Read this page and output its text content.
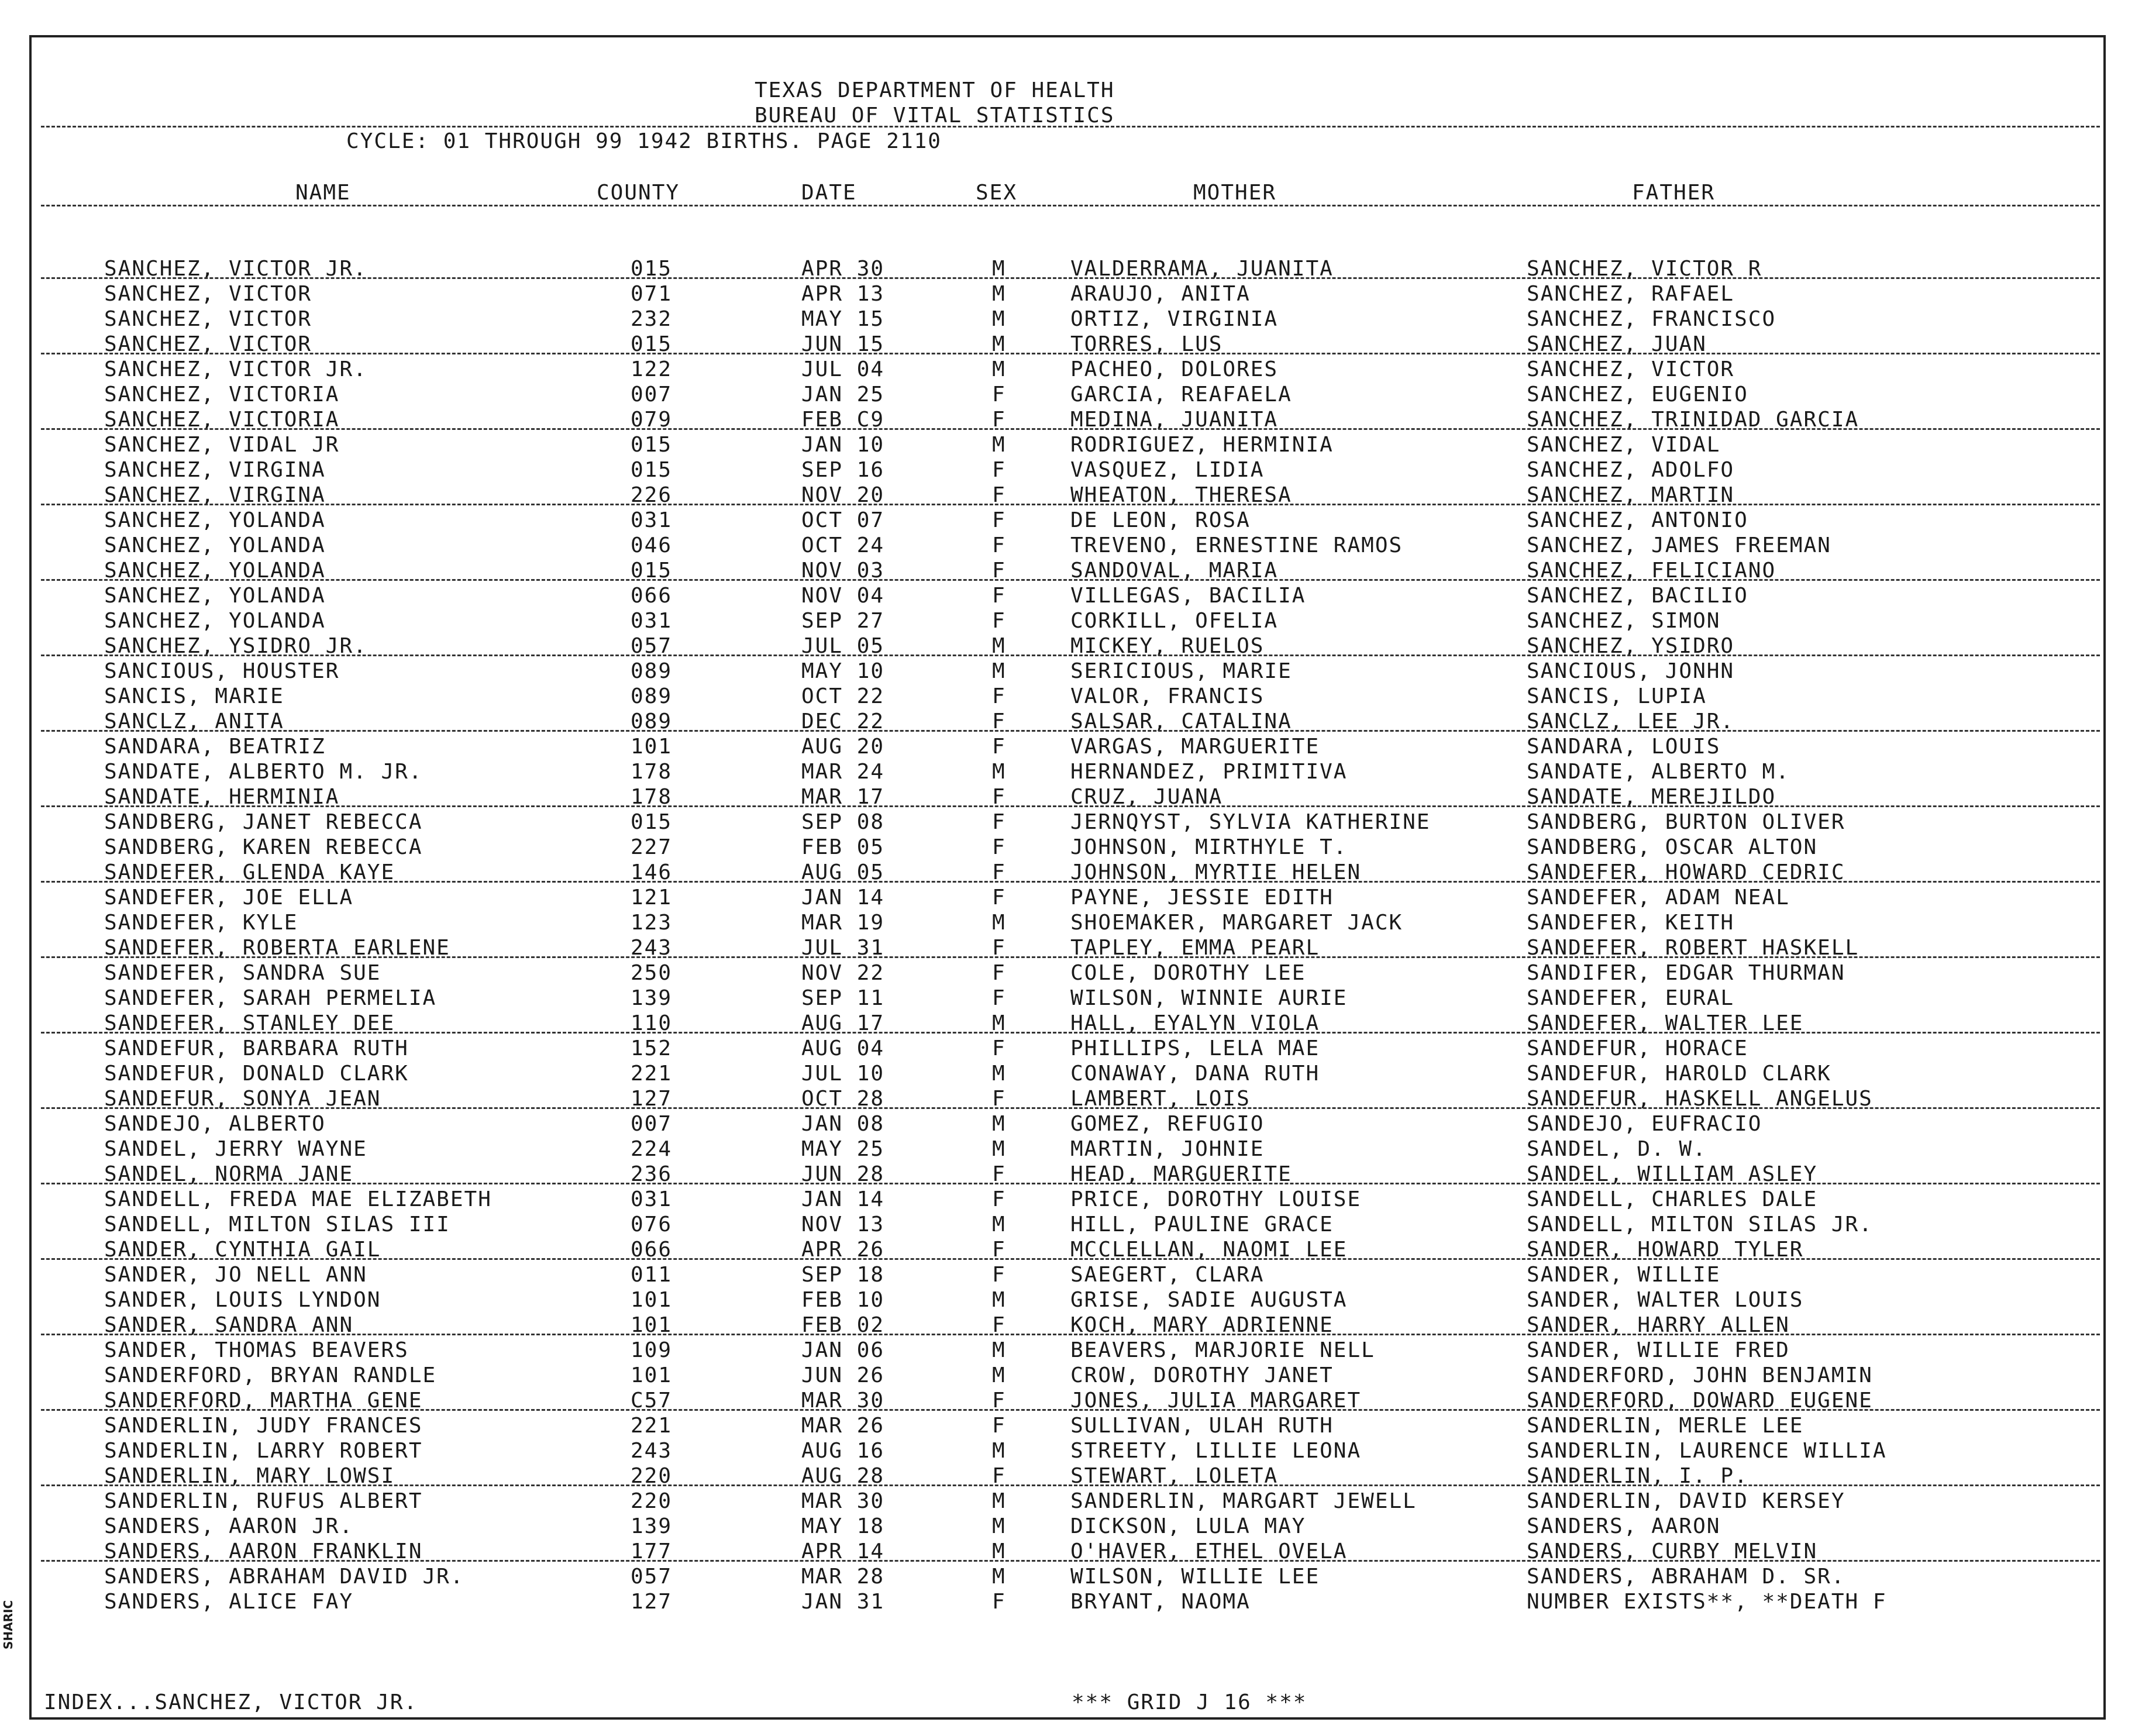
TEXAS DEPARTMENT OF HEALTH
BUREAU OF VITAL STATISTICS
CYCLE: 01 THROUGH 99 1942 BIRTHS. PAGE 2110
NAME	COUNTY	DATE	SEX	MOTHER	FATHER
SANCHEZ, VICTOR JR.	015	APR 30	M	VALDERRAMA, JUANITA	SANCHEZ, VICTOR R
SANCHEZ, VICTOR	071	APR 13	M	ARAUJO, ANITA	SANCHEZ, RAFAEL
SANCHEZ, VICTOR	232	MAY 15	M	ORTIZ, VIRGINIA	SANCHEZ, FRANCISCO
SANCHEZ, VICTOR	015	JUN 15	M	TORRES, LUS	SANCHEZ, JUAN
SANCHEZ, VICTOR JR.	122	JUL 04	M	PACHEO, DOLORES	SANCHEZ, VICTOR
SANCHEZ, VICTORIA	007	JAN 25	F	GARCIA, REAFAELA	SANCHEZ, EUGENIO
SANCHEZ, VICTORIA	079	FEB C9	F	MEDINA, JUANITA	SANCHEZ, TRINIDAD GARCIA
SANCHEZ, VIDAL JR	015	JAN 10	M	RODRIGUEZ, HERMINIA	SANCHEZ, VIDAL
SANCHEZ, VIRGINA	015	SEP 16	F	VASQUEZ, LIDIA	SANCHEZ, ADOLFO
SANCHEZ, VIRGINA	226	NOV 20	F	WHEATON, THERESA	SANCHEZ, MARTIN
SANCHEZ, YOLANDA	031	OCT 07	F	DE LEON, ROSA	SANCHEZ, ANTONIO
SANCHEZ, YOLANDA	046	OCT 24	F	TREVENO, ERNESTINE RAMOS	SANCHEZ, JAMES FREEMAN
SANCHEZ, YOLANDA	015	NOV 03	F	SANDOVAL, MARIA	SANCHEZ, FELICIANO
SANCHEZ, YOLANDA	066	NOV 04	F	VILLEGAS, BACILIA	SANCHEZ, BACILIO
SANCHEZ, YOLANDA	031	SEP 27	F	CORKILL, OFELIA	SANCHEZ, SIMON
SANCHEZ, YSIDRO JR.	057	JUL 05	M	MICKEY, RUELOS	SANCHEZ, YSIDRO
SANCIOUS, HOUSTER	089	MAY 10	M	SERICIOUS, MARIE	SANCIOUS, JONHN
SANCIS, MARIE	089	OCT 22	F	VALOR, FRANCIS	SANCIS, LUPIA
SANCLZ, ANITA	089	DEC 22	F	SALSAR, CATALINA	SANCLZ, LEE JR.
SANDARA, BEATRIZ	101	AUG 20	F	VARGAS, MARGUERITE	SANDARA, LOUIS
SANDATE, ALBERTO M. JR.	178	MAR 24	M	HERNANDEZ, PRIMITIVA	SANDATE, ALBERTO M.
SANDATE, HERMINIA	178	MAR 17	F	CRUZ, JUANA	SANDATE, MEREJILDO
SANDBERG, JANET REBECCA	015	SEP 08	F	JERNQYST, SYLVIA KATHERINE	SANDBERG, BURTON OLIVER
SANDBERG, KAREN REBECCA	227	FEB 05	F	JOHNSON, MIRTHYLE T.	SANDBERG, OSCAR ALTON
SANDEFER, GLENDA KAYE	146	AUG 05	F	JOHNSON, MYRTIE HELEN	SANDEFER, HOWARD CEDRIC
SANDEFER, JOE ELLA	121	JAN 14	F	PAYNE, JESSIE EDITH	SANDEFER, ADAM NEAL
SANDEFER, KYLE	123	MAR 19	M	SHOEMAKER, MARGARET JACK	SANDEFER, KEITH
SANDEFER, ROBERTA EARLENE	243	JUL 31	F	TAPLEY, EMMA PEARL	SANDEFER, ROBERT HASKELL
SANDEFER, SANDRA SUE	250	NOV 22	F	COLE, DOROTHY LEE	SANDIFER, EDGAR THURMAN
SANDEFER, SARAH PERMELIA	139	SEP 11	F	WILSON, WINNIE AURIE	SANDEFER, EURAL
SANDEFER, STANLEY DEE	110	AUG 17	M	HALL, EYALYN VIOLA	SANDEFER, WALTER LEE
SANDEFUR, BARBARA RUTH	152	AUG 04	F	PHILLIPS, LELA MAE	SANDEFUR, HORACE
SANDEFUR, DONALD CLARK	221	JUL 10	M	CONAWAY, DANA RUTH	SANDEFUR, HAROLD CLARK
SANDEFUR, SONYA JEAN	127	OCT 28	F	LAMBERT, LOIS	SANDEFUR, HASKELL ANGELUS
SANDEJO, ALBERTO	007	JAN 08	M	GOMEZ, REFUGIO	SANDEJO, EUFRACIO
SANDEL, JERRY WAYNE	224	MAY 25	M	MARTIN, JOHNIE	SANDEL, D. W.
SANDEL, NORMA JANE	236	JUN 28	F	HEAD, MARGUERITE	SANDEL, WILLIAM ASLEY
SANDELL, FREDA MAE ELIZABETH	031	JAN 14	F	PRICE, DOROTHY LOUISE	SANDELL, CHARLES DALE
SANDELL, MILTON SILAS III	076	NOV 13	M	HILL, PAULINE GRACE	SANDELL, MILTON SILAS JR.
SANDER, CYNTHIA GAIL	066	APR 26	F	MCCLELLAN, NAOMI LEE	SANDER, HOWARD TYLER
SANDER, JO NELL ANN	011	SEP 18	F	SAEGERT, CLARA	SANDER, WILLIE
SANDER, LOUIS LYNDON	101	FEB 10	M	GRISE, SADIE AUGUSTA	SANDER, WALTER LOUIS
SANDER, SANDRA ANN	101	FEB 02	F	KOCH, MARY ADRIENNE	SANDER, HARRY ALLEN
SANDER, THOMAS BEAVERS	109	JAN 06	M	BEAVERS, MARJORIE NELL	SANDER, WILLIE FRED
SANDERFORD, BRYAN RANDLE	101	JUN 26	M	CROW, DOROTHY JANET	SANDERFORD, JOHN BENJAMIN
SANDERFORD, MARTHA GENE	C57	MAR 30	F	JONES, JULIA MARGARET	SANDERFORD, DOWARD EUGENE
SANDERLIN, JUDY FRANCES	221	MAR 26	F	SULLIVAN, ULAH RUTH	SANDERLIN, MERLE LEE
SANDERLIN, LARRY ROBERT	243	AUG 16	M	STREETY, LILLIE LEONA	SANDERLIN, LAURENCE WILLIA
SANDERLIN, MARY LOWSI	220	AUG 28	F	STEWART, LOLETA	SANDERLIN, I. P.
SANDERLIN, RUFUS ALBERT	220	MAR 30	M	SANDERLIN, MARGART JEWELL	SANDERLIN, DAVID KERSEY
SANDERS, AARON JR.	139	MAY 18	M	DICKSON, LULA MAY	SANDERS, AARON
SANDERS, AARON FRANKLIN	177	APR 14	M	O'HAVER, ETHEL OVELA	SANDERS, CURBY MELVIN
SANDERS, ABRAHAM DAVID JR.	057	MAR 28	M	WILSON, WILLIE LEE	SANDERS, ABRAHAM D. SR.
SANDERS, ALICE FAY	127	JAN 31	F	BRYANT, NAOMA	NUMBER EXISTS**, **DEATH F
INDEX...SANCHEZ, VICTOR JR.	*** GRID J 16 ***
SHARIC
